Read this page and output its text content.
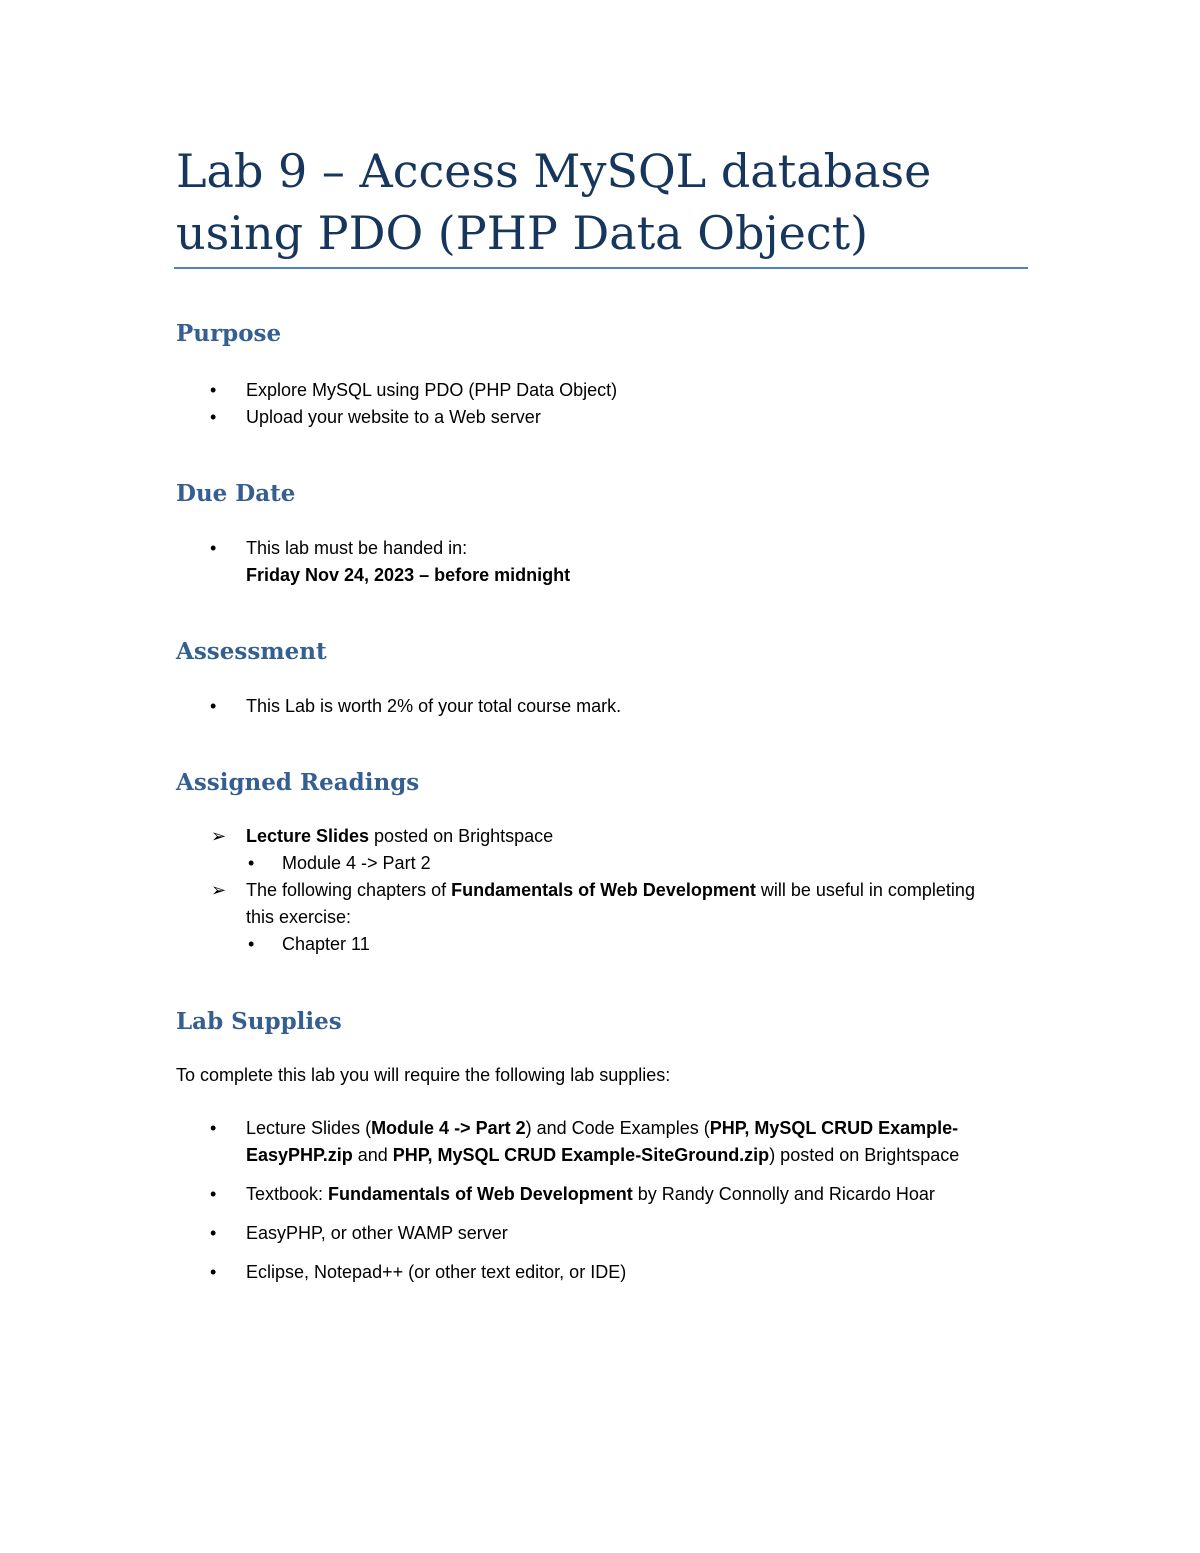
Lab 9 – Access MySQL database using PDO (PHP Data Object)
Purpose
• Explore MySQL using PDO (PHP Data Object)
• Upload your website to a Web server
Due Date
• This lab must be handed in:
Friday Nov 24, 2023 – before midnight
Assessment
• This Lab is worth 2% of your total course mark.
Assigned Readings
➢ Lecture Slides posted on Brightspace
• Module 4 -> Part 2
➢ The following chapters of Fundamentals of Web Development will be useful in completing this exercise:
• Chapter 11
Lab Supplies
To complete this lab you will require the following lab supplies:
• Lecture Slides (Module 4 -> Part 2) and Code Examples (PHP, MySQL CRUD Example-EasyPHP.zip and PHP, MySQL CRUD Example-SiteGround.zip) posted on Brightspace
• Textbook: Fundamentals of Web Development by Randy Connolly and Ricardo Hoar
• EasyPHP, or other WAMP server
• Eclipse, Notepad++ (or other text editor, or IDE)
